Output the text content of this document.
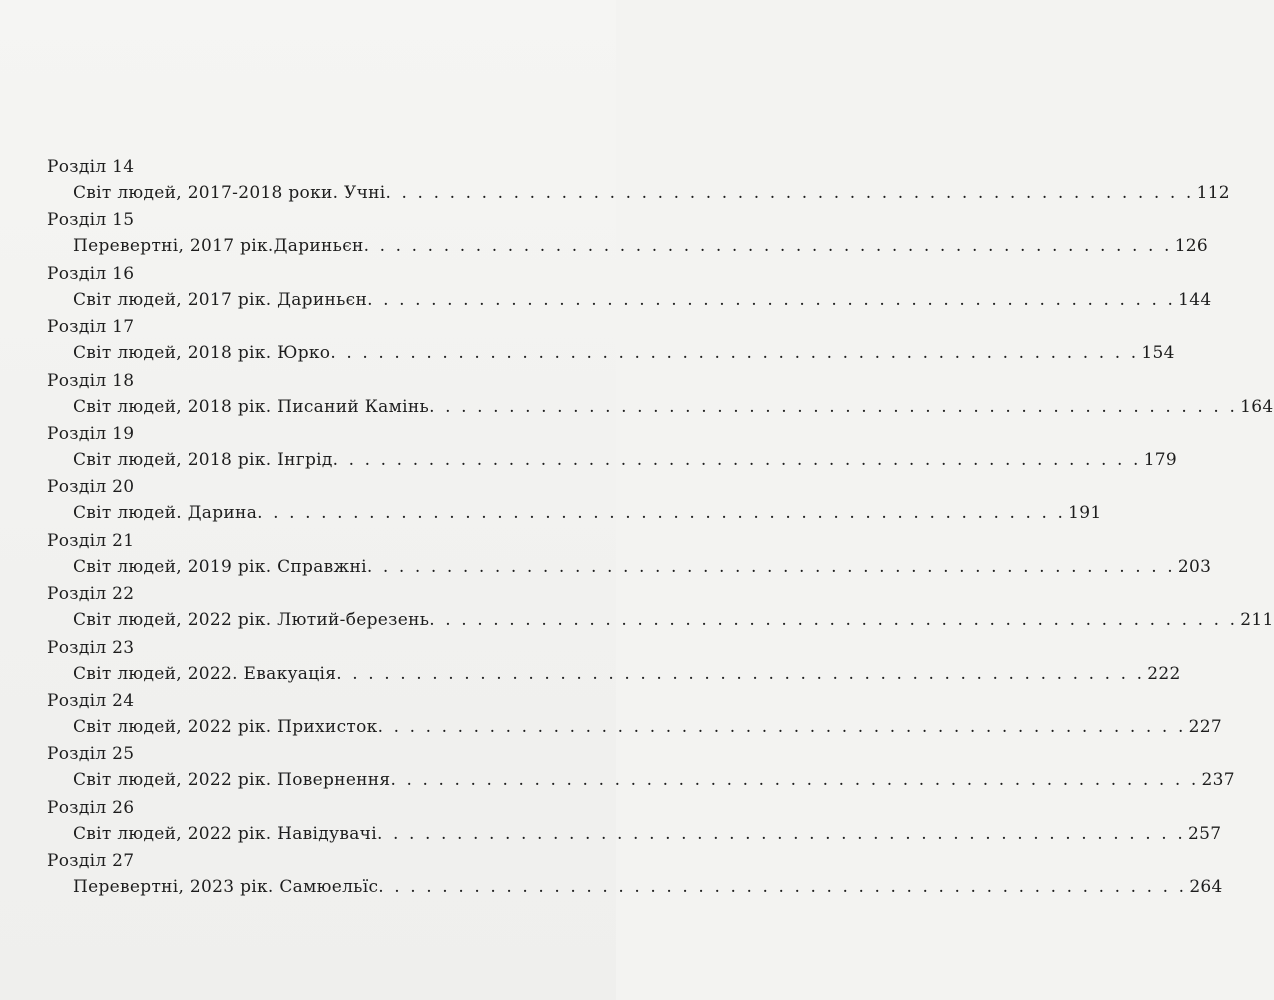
Розділ 14
Світ людей, 2017-2018 роки. Учні . . . . . . . . . . . . . . . . . . . . . . . . . . . . . . . . . . . . . . . . . . . . . . . . . . . 112
Розділ 15
Перевертні, 2017 рік.Дариньєн . . . . . . . . . . . . . . . . . . . . . . . . . . . . . . . . . . . . . . . . . . . . . . . . . . . 126
Розділ 16
Світ людей, 2017 рік. Дариньєн . . . . . . . . . . . . . . . . . . . . . . . . . . . . . . . . . . . . . . . . . . . . . . . . . . . 144
Розділ 17
Світ людей, 2018 рік. Юрко . . . . . . . . . . . . . . . . . . . . . . . . . . . . . . . . . . . . . . . . . . . . . . . . . . . 154
Розділ 18
Світ людей, 2018 рік. Писаний Камінь . . . . . . . . . . . . . . . . . . . . . . . . . . . . . . . . . . . . . . . . . . . . . . . . . . . 164
Розділ 19
Світ людей, 2018 рік. Інгрід . . . . . . . . . . . . . . . . . . . . . . . . . . . . . . . . . . . . . . . . . . . . . . . . . . . 179
Розділ 20
Світ людей. Дарина . . . . . . . . . . . . . . . . . . . . . . . . . . . . . . . . . . . . . . . . . . . . . . . . . . . 191
Розділ 21
Світ людей, 2019 рік. Справжні . . . . . . . . . . . . . . . . . . . . . . . . . . . . . . . . . . . . . . . . . . . . . . . . . . . 203
Розділ 22
Світ людей, 2022 рік. Лютий-березень . . . . . . . . . . . . . . . . . . . . . . . . . . . . . . . . . . . . . . . . . . . . . . . . . . . 211
Розділ 23
Світ людей, 2022. Евакуація . . . . . . . . . . . . . . . . . . . . . . . . . . . . . . . . . . . . . . . . . . . . . . . . . . . 222
Розділ 24
Світ людей, 2022 рік. Прихисток . . . . . . . . . . . . . . . . . . . . . . . . . . . . . . . . . . . . . . . . . . . . . . . . . . . 227
Розділ 25
Світ людей, 2022 рік. Повернення . . . . . . . . . . . . . . . . . . . . . . . . . . . . . . . . . . . . . . . . . . . . . . . . . . . 237
Розділ 26
Світ людей, 2022 рік. Навідувачі . . . . . . . . . . . . . . . . . . . . . . . . . . . . . . . . . . . . . . . . . . . . . . . . . . . 257
Розділ 27
Перевертні, 2023 рік. Самюельїс . . . . . . . . . . . . . . . . . . . . . . . . . . . . . . . . . . . . . . . . . . . . . . . . . . . 264
